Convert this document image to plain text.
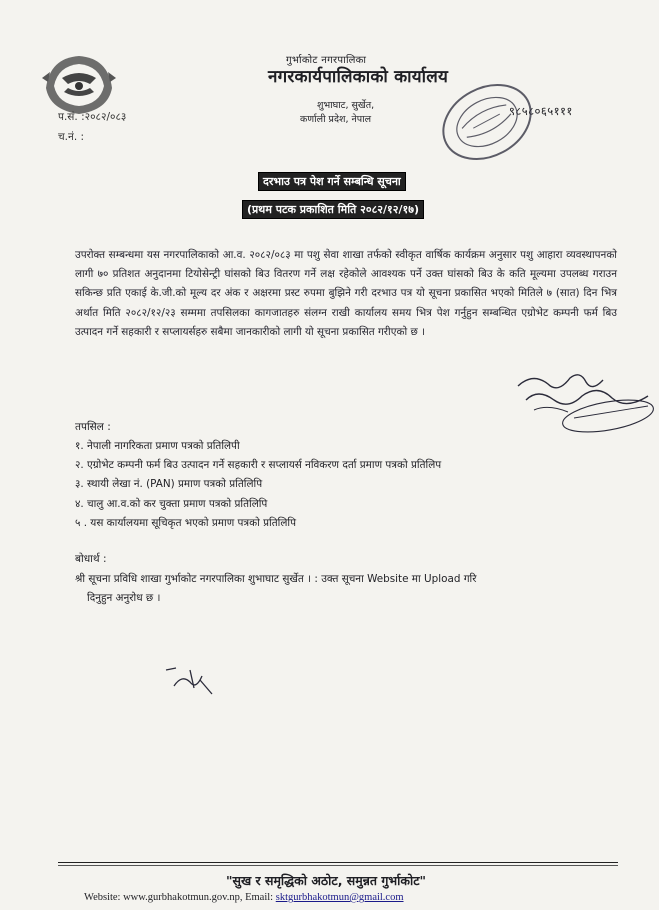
गुर्भाकोट नगरपालिका
नगरकार्यपालिकाको कार्यालय
शुभाघाट, सुर्खेत,
कर्णाली प्रदेश, नेपाल
प.सं. :२०८२/०८३
च.नं. :
९८५८०६५१११
दरभाउ पत्र पेश गर्ने सम्बन्धि सूचना
(प्रथम पटक प्रकाशित मिति २०८२/१२/१७)
उपरोक्त सम्बन्धमा यस नगरपालिकाको आ.व. २०८२/०८३ मा पशु सेवा शाखा तर्फको स्वीकृत वार्षिक कार्यक्रम अनुसार पशु आहारा व्यवस्थापनको लागी ७० प्रतिशत अनुदानमा टियोसेन्ट्री घांसको बिउ वितरण गर्ने लक्ष रहेकोले आवश्यक पर्ने उक्त घांसको बिउ के कति मूल्यमा उपलब्ध गराउन सकिन्छ प्रति एकाई के.जी.को मूल्य दर अंक र अक्षरमा प्रस्ट रुपमा बुझिने गरी दरभाउ पत्र यो सूचना प्रकासित भएको मितिले ७ (सात) दिन भित्र अर्थात मिति २०८२/१२/२३ सम्ममा तपसिलका कागजातहरु संलग्न राखी कार्यालय समय भित्र पेश गर्नुहुन सम्बन्धित एग्रोभेट कम्पनी फर्म बिउ उत्पादन गर्ने सहकारी र सप्लायर्सहरु सबैमा जानकारीको लागी यो सूचना प्रकासित गरीएको छ ।
तपसिल :
१. नेपाली नागरिकता प्रमाण पत्रको प्रतिलिपी
२. एग्रोभेट कम्पनी फर्म बिउ उत्पादन गर्ने सहकारी र सप्लायर्स नविकरण दर्ता प्रमाण पत्रको प्रतिलिप
३. स्थायी लेखा नं. (PAN) प्रमाण पत्रको प्रतिलिपि
४. चालु आ.व.को कर चुक्ता प्रमाण पत्रको प्रतिलिपि
५ . यस कार्यालयमा सूचिकृत भएको प्रमाण पत्रको प्रतिलिपि
बोधार्थ :
श्री सूचना प्रविधि शाखा गुर्भाकोट नगरपालिका शुभाघाट सुर्खेत । : उक्त सूचना Website मा Upload गरि
दिनुहुन अनुरोध छ ।
"सुख र समृद्धिको अठोट, समुन्नत गुर्भाकोट"
Website: www.gurbhakotmun.gov.np, Email: sktgurbhakotmun@gmail.com
